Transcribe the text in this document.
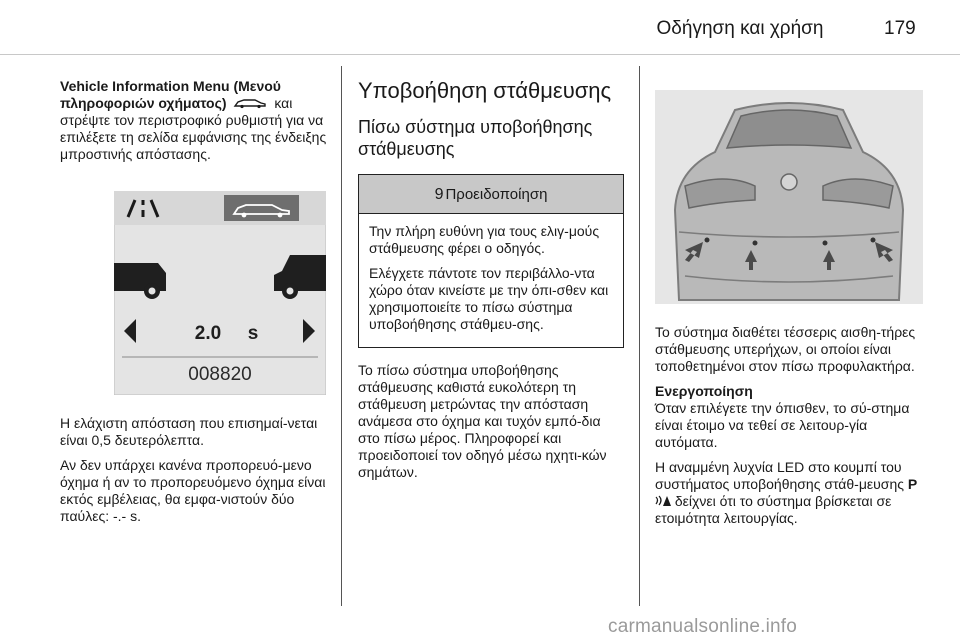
Οδήγηση και χρήση	179

Vehicle Information Menu (Μενού πληροφοριών οχήματος)	και στρέψτε τον περιστροφικό ρυθμιστή για να επιλέξετε τη σελίδα εμφάνισης της ένδειξης μπροστινής απόστασης.

2.0 s
008820

Η ελάχιστη απόσταση που επισημαί-νεται είναι 0,5 δευτερόλεπτα.

Αν δεν υπάρχει κανένα προπορευό-μενο όχημα ή αν το προπορευόμενο όχημα είναι εκτός εμβέλειας, θα εμφα-νιστούν δύο παύλες: -.- s.

Υποβοήθηση στάθμευσης
Πίσω σύστημα υποβοήθησης στάθμευσης
9 Προειδοποίηση

Την πλήρη ευθύνη για τους ελιγ-μούς στάθμευσης φέρει ο οδηγός.

Ελέγχετε πάντοτε τον περιβάλλο-ντα χώρο όταν κινείστε με την όπι-σθεν και χρησιμοποιείτε το πίσω σύστημα υποβοήθησης στάθμευ-σης.

Το πίσω σύστημα υποβοήθησης στάθμευσης καθιστά ευκολότερη τη στάθμευση μετρώντας την απόσταση ανάμεσα στο όχημα και τυχόν εμπό-δια στο πίσω μέρος. Πληροφορεί και προειδοποιεί τον οδηγό μέσω ηχητι-κών σημάτων.

Το σύστημα διαθέτει τέσσερις αισθη-τήρες στάθμευσης υπερήχων, οι οποίοι είναι τοποθετημένοι στον πίσω προφυλακτήρα.

Ενεργοποίηση
Όταν επιλέγετε την όπισθεν, το σύ-στημα είναι έτοιμο να τεθεί σε λειτουρ-γία αυτόματα.

Η αναμμένη λυχνία LED στο κουμπί του συστήματος υποβοήθησης στάθ-μευσης P δείχνει ότι το σύστημα βρίσκεται σε ετοιμότητα λειτουργίας.

carmanualsonline.info
